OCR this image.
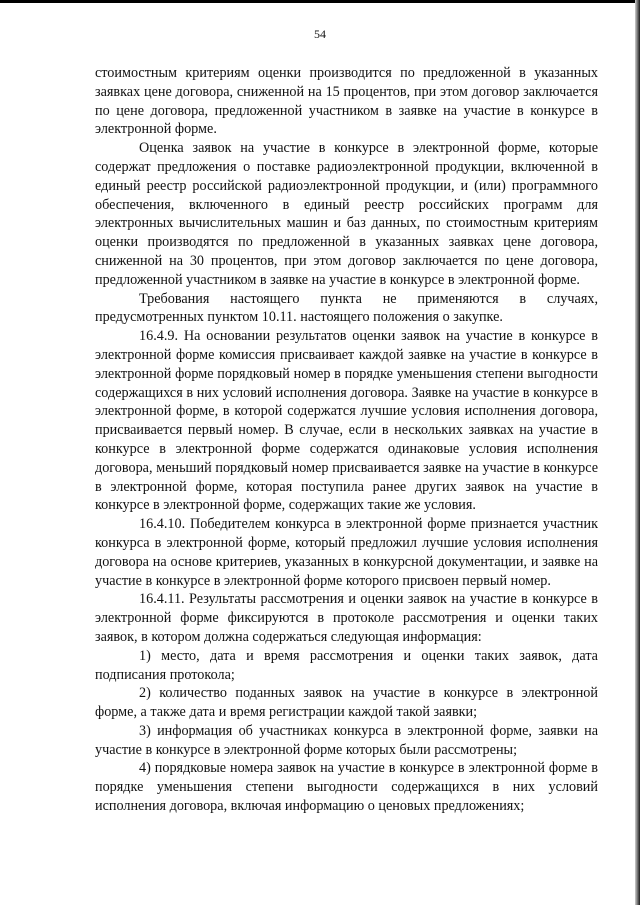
54

стоимостным критериям оценки производится по предложенной в указанных заявках цене договора, сниженной на 15 процентов, при этом договор заключается по цене договора, предложенной участником в заявке на участие в конкурсе в электронной форме.

Оценка заявок на участие в конкурсе в электронной форме, которые содержат предложения о поставке радиоэлектронной продукции, включенной в единый реестр российской радиоэлектронной продукции, и (или) программного обеспечения, включенного в единый реестр российских программ для электронных вычислительных машин и баз данных, по стоимостным критериям оценки производятся по предложенной в указанных заявках цене договора, сниженной на 30 процентов, при этом договор заключается по цене договора, предложенной участником в заявке на участие в конкурсе в электронной форме.

Требования настоящего пункта не применяются в случаях, предусмотренных пунктом 10.11. настоящего положения о закупке.

16.4.9. На основании результатов оценки заявок на участие в конкурсе в электронной форме комиссия присваивает каждой заявке на участие в конкурсе в электронной форме порядковый номер в порядке уменьшения степени выгодности содержащихся в них условий исполнения договора. Заявке на участие в конкурсе в электронной форме, в которой содержатся лучшие условия исполнения договора, присваивается первый номер. В случае, если в нескольких заявках на участие в конкурсе в электронной форме содержатся одинаковые условия исполнения договора, меньший порядковый номер присваивается заявке на участие в конкурсе в электронной форме, которая поступила ранее других заявок на участие в конкурсе в электронной форме, содержащих такие же условия.

16.4.10. Победителем конкурса в электронной форме признается участник конкурса в электронной форме, который предложил лучшие условия исполнения договора на основе критериев, указанных в конкурсной документации, и заявке на участие в конкурсе в электронной форме которого присвоен первый номер.

16.4.11. Результаты рассмотрения и оценки заявок на участие в конкурсе в электронной форме фиксируются в протоколе рассмотрения и оценки таких заявок, в котором должна содержаться следующая информация:

1) место, дата и время рассмотрения и оценки таких заявок, дата подписания протокола;

2) количество поданных заявок на участие в конкурсе в электронной форме, а также дата и время регистрации каждой такой заявки;

3) информация об участниках конкурса в электронной форме, заявки на участие в конкурсе в электронной форме которых были рассмотрены;

4) порядковые номера заявок на участие в конкурсе в электронной форме в порядке уменьшения степени выгодности содержащихся в них условий исполнения договора, включая информацию о ценовых предложениях;
